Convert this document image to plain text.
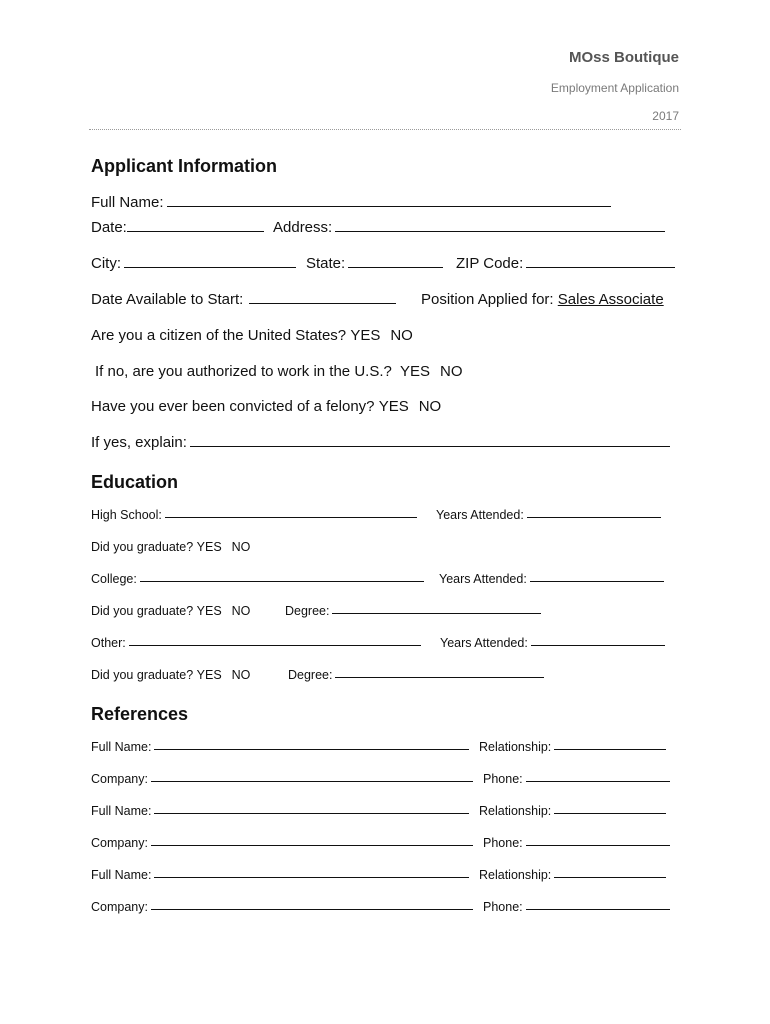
MOss Boutique
Employment Application
2017
Applicant Information
Full Name:
Date:	Address:
City:	State:	ZIP Code:
Date Available to Start:	Position Applied for: Sales Associate
Are you a citizen of the United States? YES NO
If no, are you authorized to work in the U.S.? YES NO
Have you ever been convicted of a felony? YES NO
If yes, explain:
Education
High School:	Years Attended:
Did you graduate? YES NO
College:	Years Attended:
Did you graduate? YES NO	Degree:
Other:	Years Attended:
Did you graduate? YES NO	Degree:
References
Full Name:	Relationship:
Company:	Phone:
Full Name:	Relationship:
Company:	Phone:
Full Name:	Relationship:
Company:	Phone:
